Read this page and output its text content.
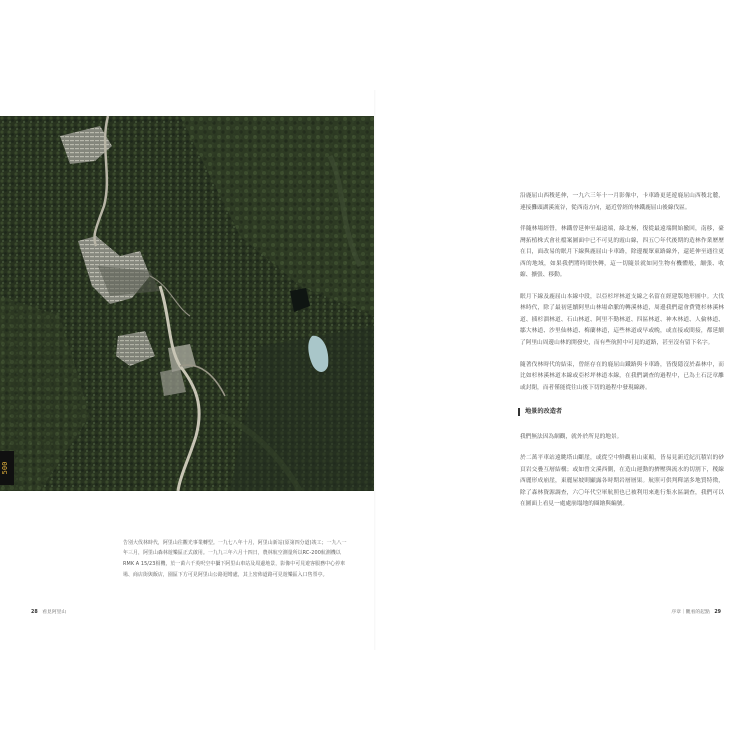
500

告別大伐林時代，阿里山往觀光事業轉型。一九七八年十月，阿里山新站(原第四分道)竣工；一九八一年三月，阿里山森林遊樂區正式啟用。一九九三年六月十四日，農林航空測量所以RC-200航測機以RMK A 15/23相機，於一萬六千英呎空中攝下阿里山車站及周邊地景，影像中可見遊客服務中心停車場、商店街與飯店，園區下方可見阿里山公路迴彎處，其上密佈道路可見遊樂區入口售票亭。

28 看見阿里山

沿鹿屈山西稜延伸，一九六三年十一月影像中，卡車路更延遊鹿屈山西稜北麓，連接攤頭湖溪流谷，從西南方向，逼近曾經的林鐵鹿屈山後線伐區。

伴隨林場經營，林鐵曾延伸至最遠端，綠北極，復從最遠端開始撤回，南移，臺灣拓植株式會社檔案圖面中已不可見的霞山線，四五〇年代後期的造林作業歷歷在目，面改易的眠月下線與鹿屈山卡車路，除邊覆眾東路線外，還延伸至通往更西的地域，如果我們將時間快轉，這一切隨景就如同生物有機體般，繃張、收縮、擴張、移動。

眠月下線及鹿屈山本線中段，以亞杉坪林道支線之名留在經建版地形圖中。大伐林時代，除了最初延續阿里山林場命脈的轉溪林道，周邊我們還會費覽杉林溪林道、插杉溜林道、石山林道、阿里不勤林道、四區林道、神木林道、人倫林道、鄒大林道、沙里仙林道、梅蘭林道，這些林道或早或晚，或直接或間接，都延續了阿里山周邊山林的開發史，而有些航照中可見的道路，甚至沒有留下名字。

隨著伐林時代的結束，曾經存在的鹿屈山鐵路與卡車路，皆復隱沒於森林中，而比如杉林溪林道本線或亞杉坪林道本線，在我們調查的過程中，已為土石泛章離或封閉，而者僅能從往山後下切的過程中發現線跡。

地景的改造者

我們無法因為網觀，就外於所見的地景。

於二萬平車站遠眺塔山斷崖，或從空中鮮觀祖山東顛，皆易見新近紀沉積岩的砂頁岩交疊互層結構；或如曾文溪西側，在造山運動的擠壓與流水的切割下，稜線西麗形成崩崖，東麗屋坡則顯露各時期岩層層果。航照可供判釋諸多地質特徵，除了森林資源調查，六〇年代空軍航照也已被利用來進行集水區調查，我們可以在圖面上看見一處處崩塌地的圈繪與編號。

序章｜觀看的起點 29
